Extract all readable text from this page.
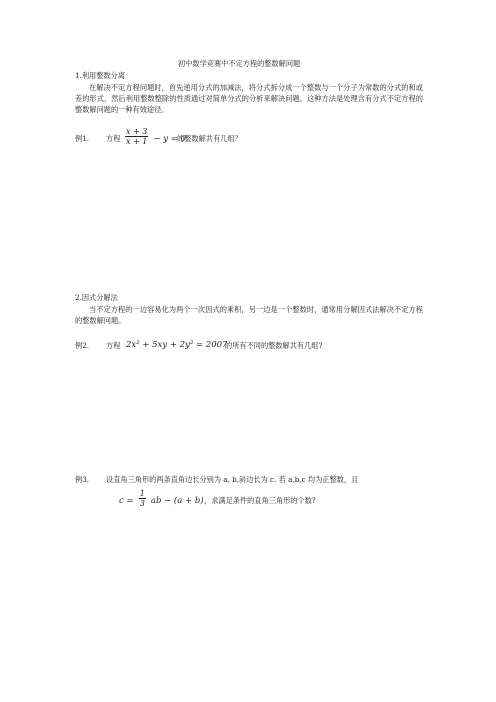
初中数学竞赛中不定方程的整数解问题
1.利用整数分离
在解决不定方程问题时，首先逆用分式的加减法，将分式拆分成一个整数与一个分子为常数的分式的和或差的形式，然后利用整数整除的性质通过对简单分式的分析来解决问题。这种方法是处理含有分式不定方程的整数解问题的一种有效途径。
例1. 方程 $\frac{x + 3}{x + 1} - y = 0$
的整数解共有几组？
2.因式分解法
当不定方程的一边容易化为两个一次因式的乘积，另一边是一个整数时，通常用分解因式法解决不定方程的整数解问题。
例2. 方程 2x² + 5xy + 2y² = 2007
的所有不同的整数解共有几组?
例3. 设直角三角形的两条直角边长分别为 a, b,斜边长为 c. 若 a,b,c 均为正整数，且
$c = \frac{1}{3}$ ab − (a + b) ，求满足条件的直角三角形的个数?
